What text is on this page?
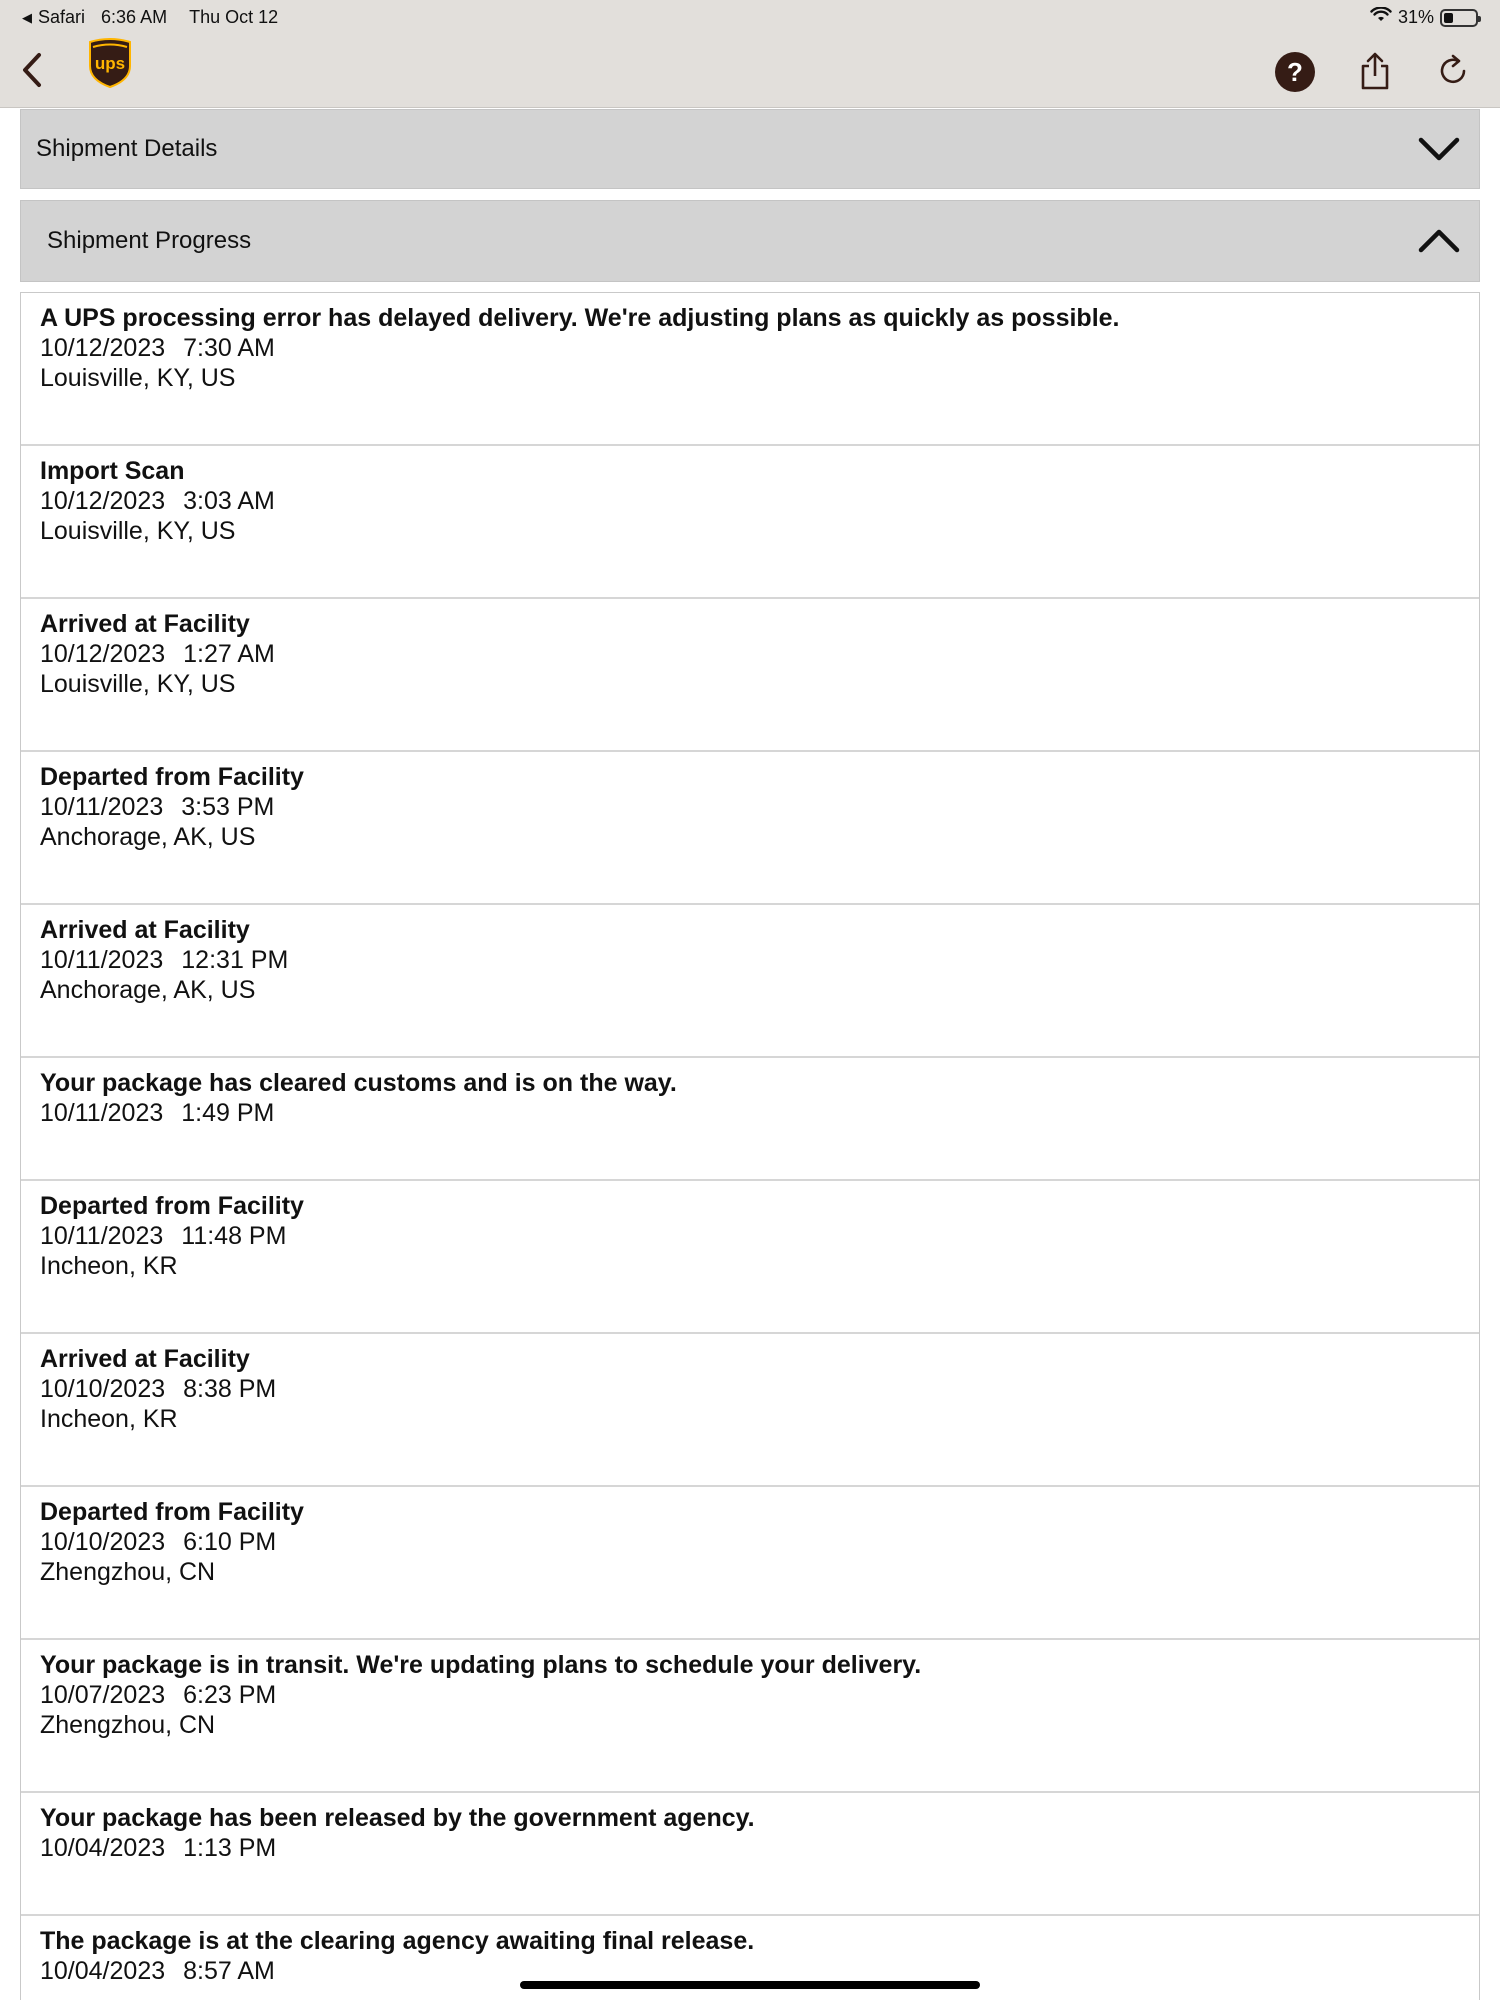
◀ Safari 6:36 AM Thu Oct 12	31%
ups	?
Shipment Details
Shipment Progress
A UPS processing error has delayed delivery. We're adjusting plans as quickly as possible.
10/12/2023 7:30 AM
Louisville, KY, US
Import Scan
10/12/2023 3:03 AM
Louisville, KY, US
Arrived at Facility
10/12/2023 1:27 AM
Louisville, KY, US
Departed from Facility
10/11/2023 3:53 PM
Anchorage, AK, US
Arrived at Facility
10/11/2023 12:31 PM
Anchorage, AK, US
Your package has cleared customs and is on the way.
10/11/2023 1:49 PM
Departed from Facility
10/11/2023 11:48 PM
Incheon, KR
Arrived at Facility
10/10/2023 8:38 PM
Incheon, KR
Departed from Facility
10/10/2023 6:10 PM
Zhengzhou, CN
Your package is in transit. We're updating plans to schedule your delivery.
10/07/2023 6:23 PM
Zhengzhou, CN
Your package has been released by the government agency.
10/04/2023 1:13 PM
The package is at the clearing agency awaiting final release.
10/04/2023 8:57 AM
